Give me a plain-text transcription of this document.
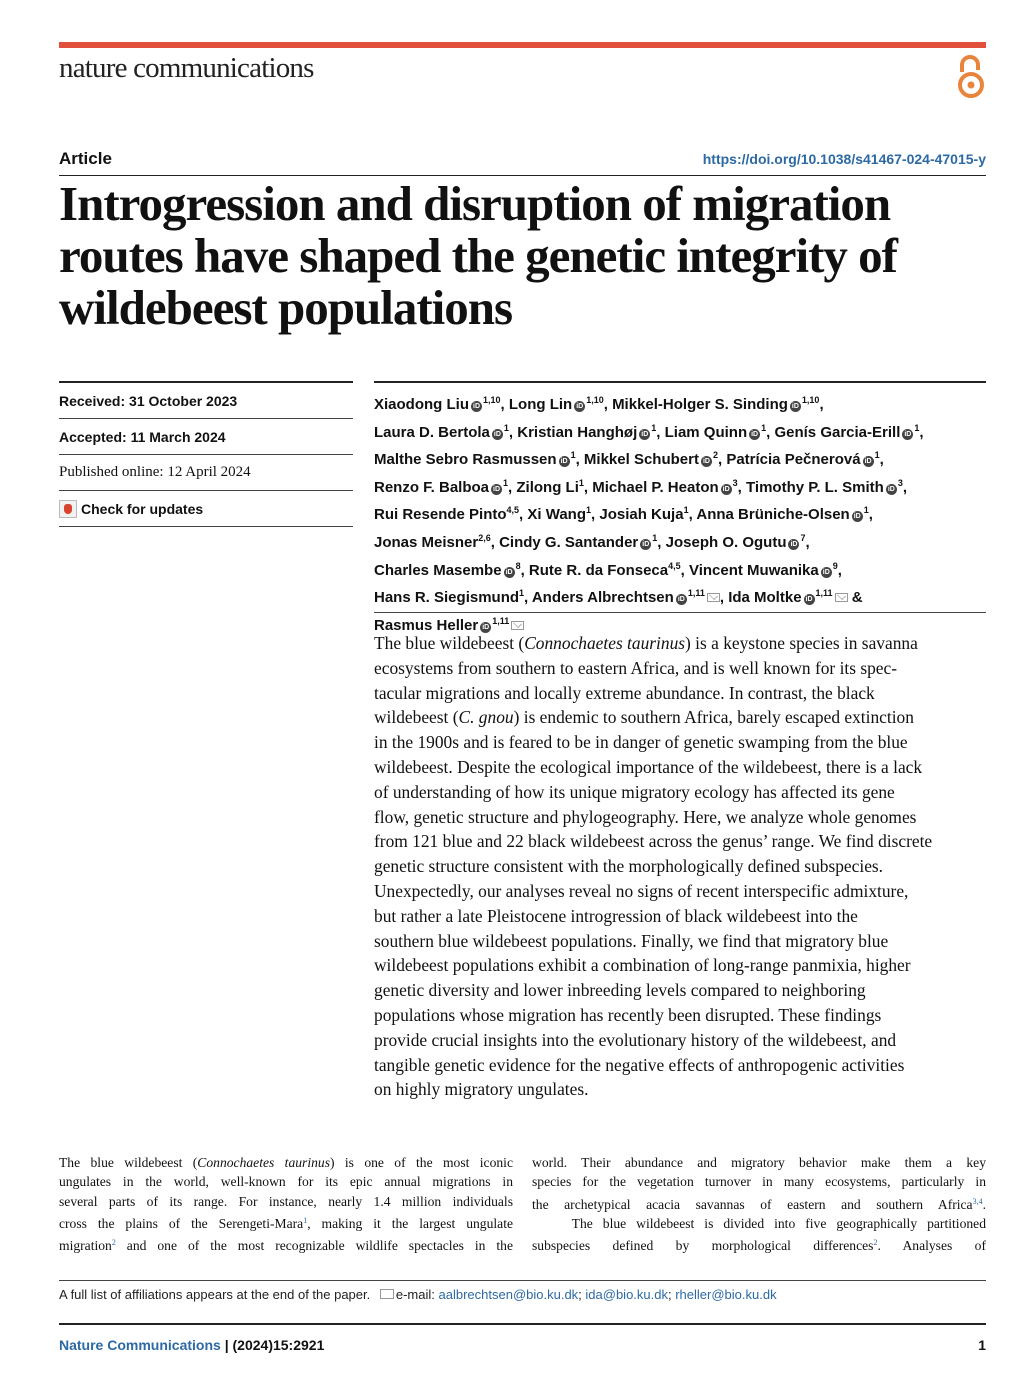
nature communications
Article	https://doi.org/10.1038/s41467-024-47015-y
Introgression and disruption of migration
routes have shaped the genetic integrity of
wildebeest populations
Received: 31 October 2023
Accepted: 11 March 2024
Published online: 12 April 2024
Check for updates
Xiaodong Liu iD$^{1,10}$, Long Lin iD$^{1,10}$, Mikkel-Holger S. Sinding iD$^{1,10}$,
Laura D. Bertola $iD^1$, Kristian Hanghøj $iD^1$, Liam Quinn $iD^1$, Genís Garcia-Erill $iD^1$,
Malthe Sebro Rasmussen $iD^1$, Mikkel Schubert $iD^2$, Patrícia Pečnerová $iD^1$,
Renzo F. Balboa $iD^1$, Zilong Li$^1$, Michael P. Heaton $iD^3$, Timothy P. L. Smith $iD^3$,
Rui Resende Pinto$^{4,5}$, Xi Wang$^1$, Josiah Kuja$^1$, Anna Brüniche-Olsen $iD^1$,
Jonas Meisner$^{2,6}$, Cindy G. Santander $iD^1$, Joseph O. Ogutu $iD^7$,
Charles Masembe $iD^8$, Rute R. da Fonseca$^{4,5}$, Vincent Muwanika $iD^9$,
Hans R. Siegismund$^1$, Anders Albrechtsen iD$^{1,11}$ , Ida Moltke iD$^{1,11}$ &
Rasmus Heller iD$^{1,11}$
The blue wildebeest (Connochaetes taurinus) is a keystone species in savanna
ecosystems from southern to eastern Africa, and is well known for its spec-
tacular migrations and locally extreme abundance. In contrast, the black
wildebeest (C. gnou) is endemic to southern Africa, barely escaped extinction
in the 1900s and is feared to be in danger of genetic swamping from the blue
wildebeest. Despite the ecological importance of the wildebeest, there is a lack
of understanding of how its unique migratory ecology has affected its gene
flow, genetic structure and phylogeography. Here, we analyze whole genomes
from 121 blue and 22 black wildebeest across the genus’ range. We find discrete
genetic structure consistent with the morphologically defined subspecies.
Unexpectedly, our analyses reveal no signs of recent interspecific admixture,
but rather a late Pleistocene introgression of black wildebeest into the
southern blue wildebeest populations. Finally, we find that migratory blue
wildebeest populations exhibit a combination of long-range panmixia, higher
genetic diversity and lower inbreeding levels compared to neighboring
populations whose migration has recently been disrupted. These findings
provide crucial insights into the evolutionary history of the wildebeest, and
tangible genetic evidence for the negative effects of anthropogenic activities
on highly migratory ungulates.
The blue wildebeest (Connochaetes taurinus) is one of the most iconic
ungulates in the world, well-known for its epic annual migrations in
several parts of its range. For instance, nearly 1.4 million individuals
cross the plains of the Serengeti-Mara$^1$, making it the largest ungulate
migration$^2$ and one of the most recognizable wildlife spectacles in the
world. Their abundance and migratory behavior make them a key
species for the vegetation turnover in many ecosystems, particularly in
the archetypical acacia savannas of eastern and southern Africa$^{3,4}$.
The blue wildebeest is divided into five geographically partitioned
subspecies defined by morphological differences$^2$. Analyses of
A full list of affiliations appears at the end of the paper. e-mail: aalbrechtsen@bio.ku.dk; ida@bio.ku.dk; rheller@bio.ku.dk
Nature Communications | (2024)15:2921	1
